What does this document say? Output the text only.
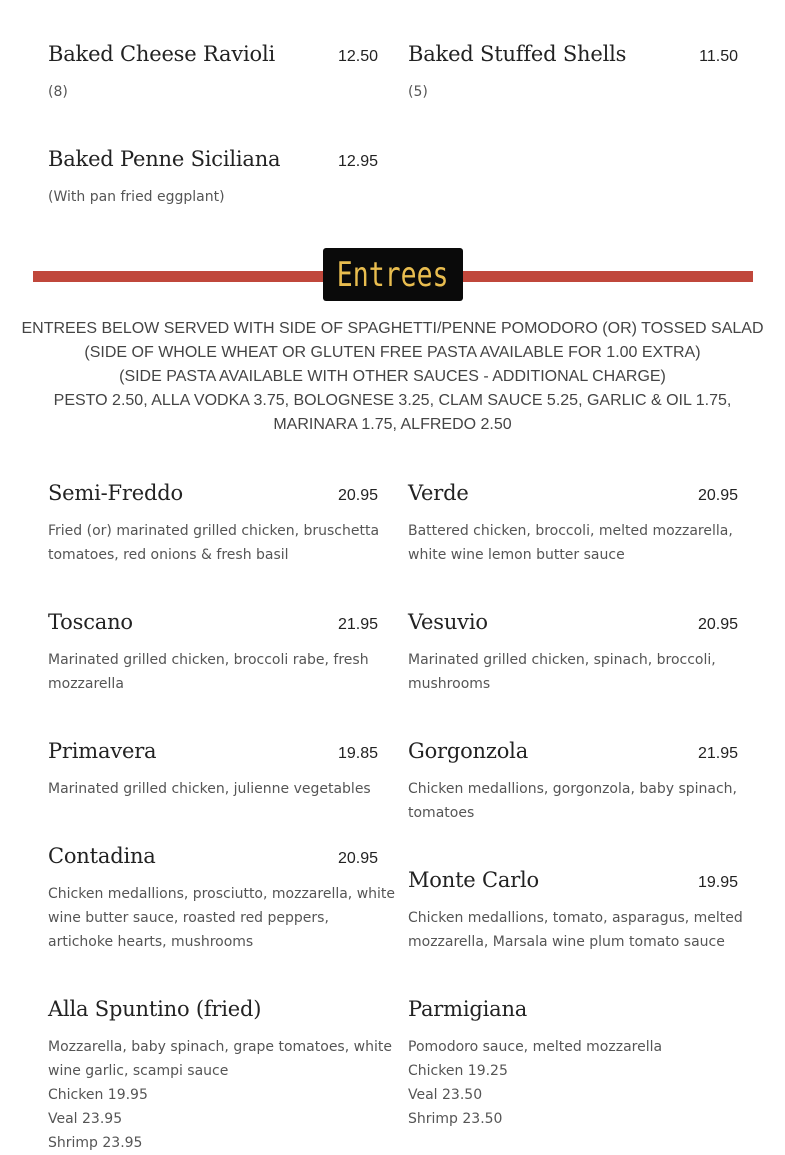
Baked Cheese Ravioli	12.50
(8)
Baked Stuffed Shells	11.50
(5)
Baked Penne Siciliana	12.95
(With pan fried eggplant)
Entrees
ENTREES BELOW SERVED WITH SIDE OF SPAGHETTI/PENNE POMODORO (OR) TOSSED SALAD
(SIDE OF WHOLE WHEAT OR GLUTEN FREE PASTA AVAILABLE FOR 1.00 EXTRA)
(SIDE PASTA AVAILABLE WITH OTHER SAUCES - ADDITIONAL CHARGE)
PESTO 2.50, ALLA VODKA 3.75, BOLOGNESE 3.25, CLAM SAUCE 5.25, GARLIC & OIL 1.75,
MARINARA 1.75, ALFREDO 2.50
Semi-Freddo	20.95
Fried (or) marinated grilled chicken, bruschetta
tomatoes, red onions & fresh basil
Verde	20.95
Battered chicken, broccoli, melted mozzarella,
white wine lemon butter sauce
Toscano	21.95
Marinated grilled chicken, broccoli rabe, fresh
mozzarella
Vesuvio	20.95
Marinated grilled chicken, spinach, broccoli,
mushrooms
Primavera	19.85
Marinated grilled chicken, julienne vegetables
Gorgonzola	21.95
Chicken medallions, gorgonzola, baby spinach,
tomatoes
Contadina	20.95
Chicken medallions, prosciutto, mozzarella, white
wine butter sauce, roasted red peppers,
artichoke hearts, mushrooms
Monte Carlo	19.95
Chicken medallions, tomato, asparagus, melted
mozzarella, Marsala wine plum tomato sauce
Alla Spuntino (fried)
Mozzarella, baby spinach, grape tomatoes, white
wine garlic, scampi sauce
Chicken 19.95
Veal 23.95
Shrimp 23.95
Parmigiana
Pomodoro sauce, melted mozzarella
Chicken 19.25
Veal 23.50
Shrimp 23.50
